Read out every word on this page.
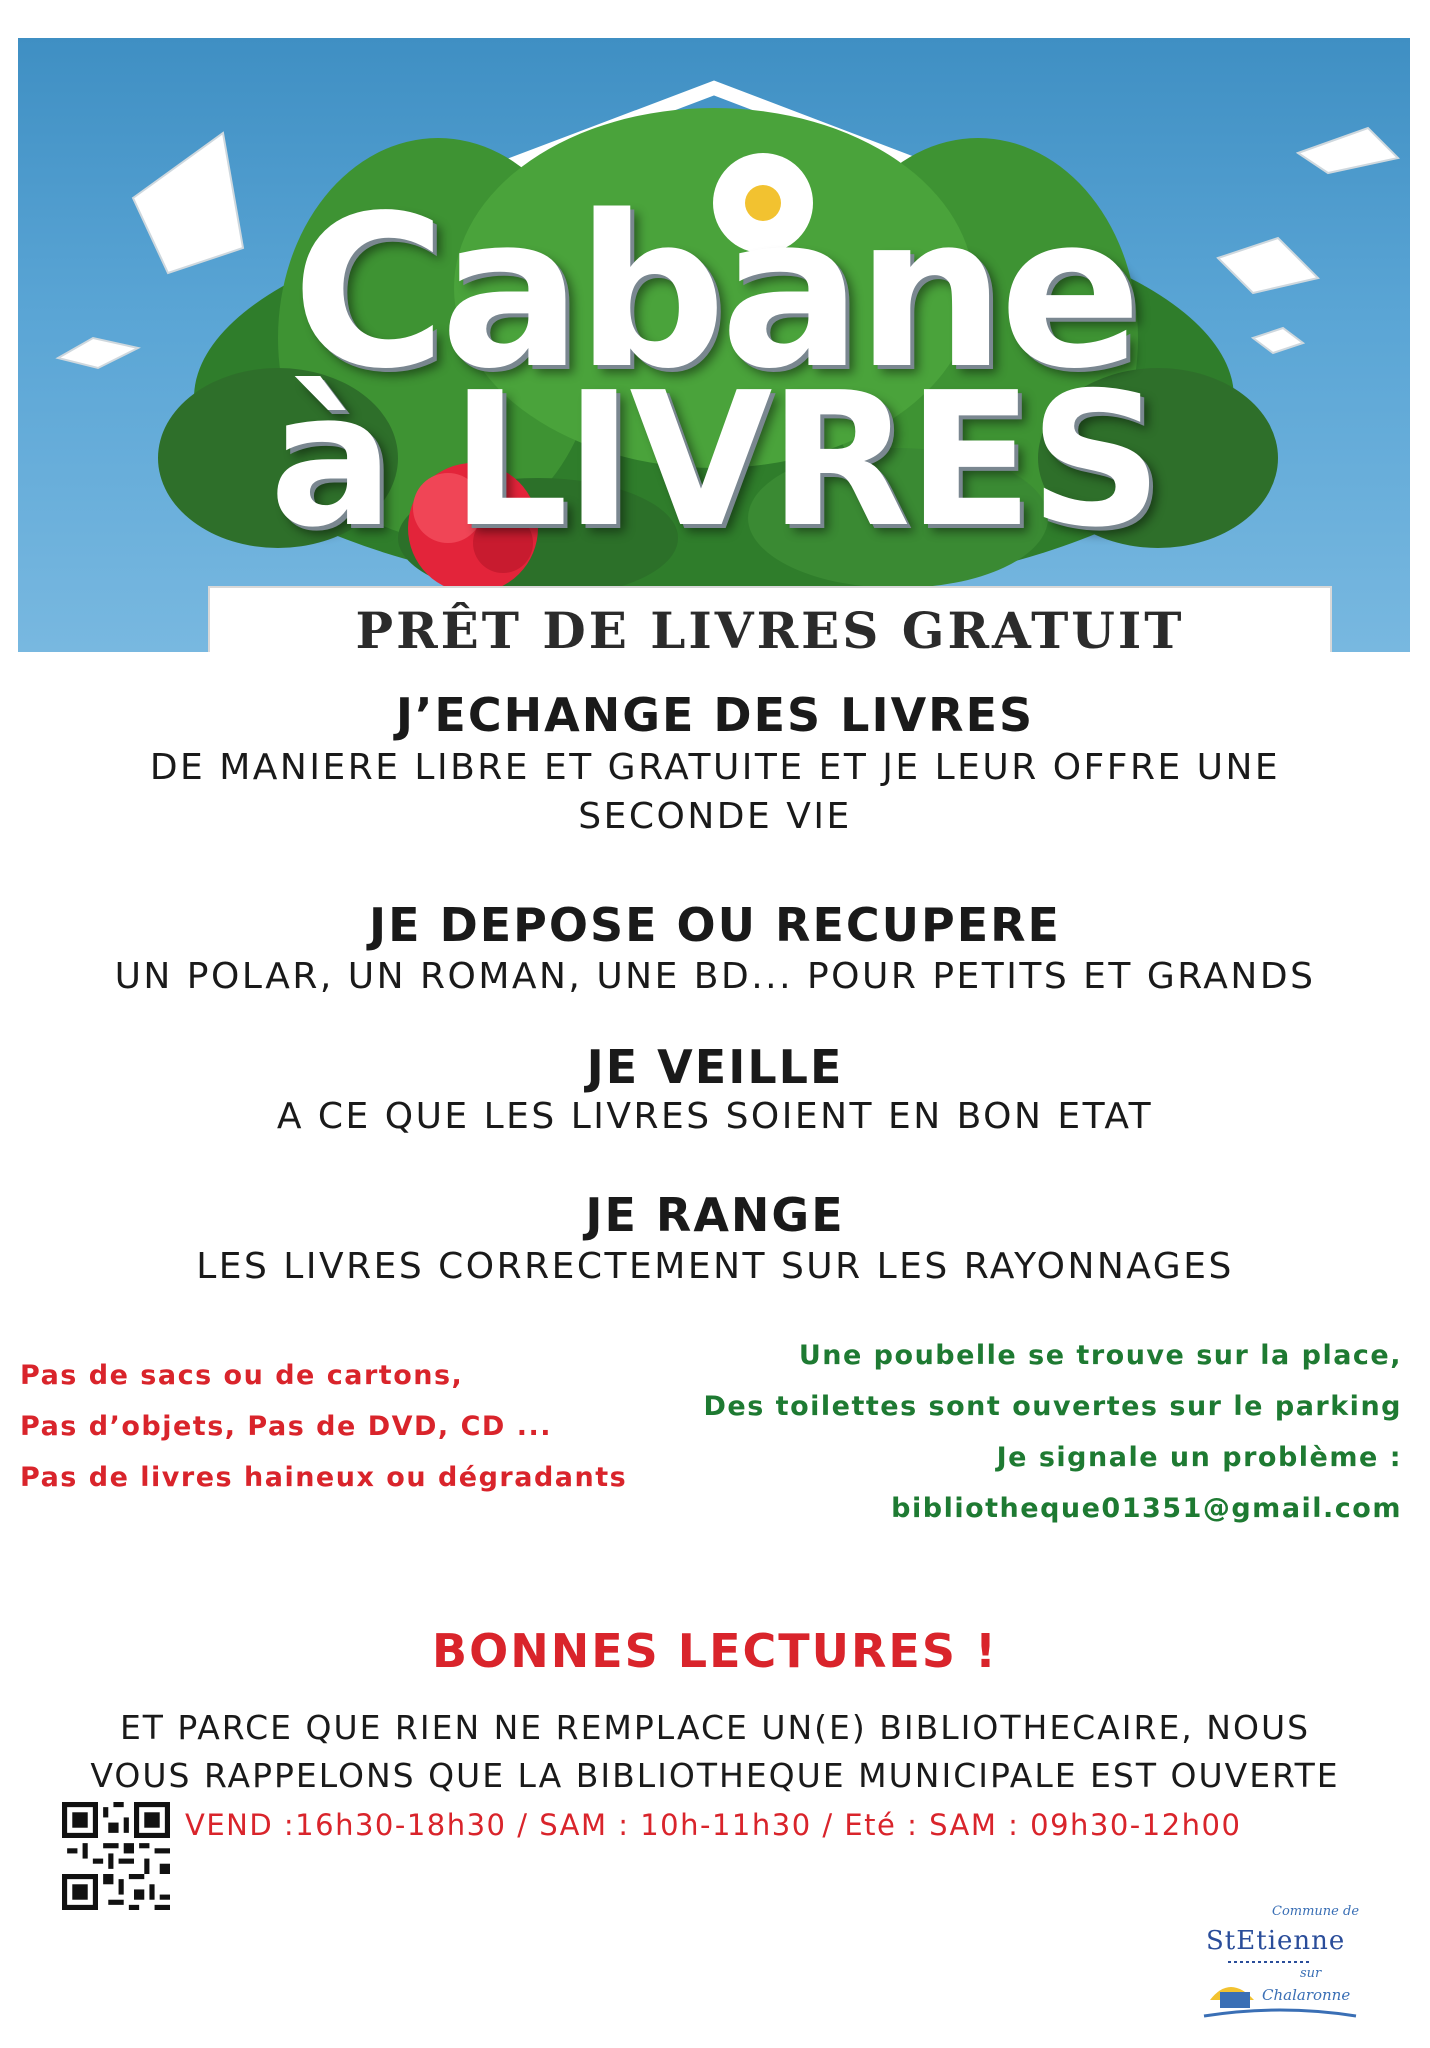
Cabane
à LIVRES
PRÊT DE LIVRES GRATUIT
J’ECHANGE DES LIVRES
DE MANIERE LIBRE ET GRATUITE ET JE LEUR OFFRE UNE
SECONDE VIE
JE DEPOSE OU RECUPERE
UN POLAR, UN ROMAN, UNE BD... POUR PETITS ET GRANDS
JE VEILLE
A CE QUE LES LIVRES SOIENT EN BON ETAT
JE RANGE
LES LIVRES CORRECTEMENT SUR LES RAYONNAGES
Pas de sacs ou de cartons,
Pas d’objets, Pas de DVD, CD ...
Pas de livres haineux ou dégradants
Une poubelle se trouve sur la place,
Des toilettes sont ouvertes sur le parking
Je signale un problème :
bibliotheque01351@gmail.com
BONNES LECTURES !
ET PARCE QUE RIEN NE REMPLACE UN(E) BIBLIOTHECAIRE, NOUS
VOUS RAPPELONS QUE LA BIBLIOTHEQUE MUNICIPALE EST OUVERTE
VEND :16h30-18h30 / SAM : 10h-11h30 / Eté : SAM : 09h30-12h00
Commune de
StEtienne
sur
Chalaronne
